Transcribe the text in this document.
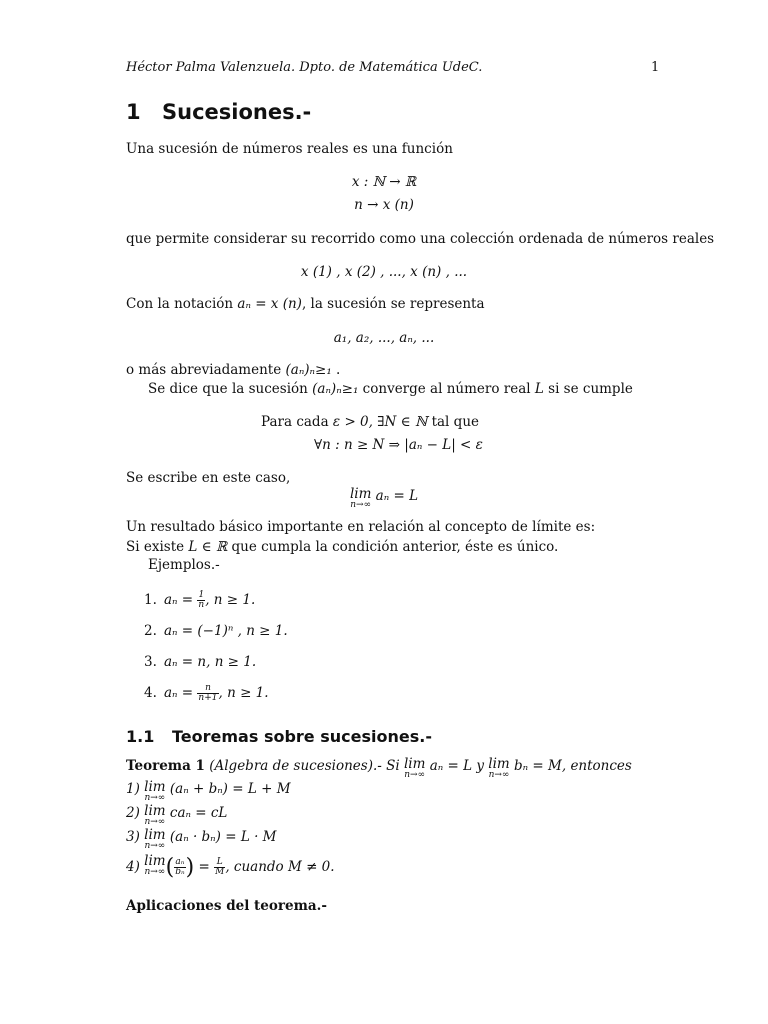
Héctor Palma Valenzuela. Dpto. de Matemática UdeC.	1
1 Sucesiones.-
Una sucesión de números reales es una función
x : ℕ → ℝ
n → x (n)
que permite considerar su recorrido como una colección ordenada de números reales
x (1) , x (2) , ..., x (n) , ...
Con la notación aₙ = x (n), la sucesión se representa
a₁, a₂, ..., aₙ, ...
o más abreviadamente (aₙ)ₙ≥₁ .
Se dice que la sucesión (aₙ)ₙ≥₁ converge al número real L si se cumple
Para cada ε > 0, ∃N ∈ ℕ tal que
∀n : n ≥ N ⇒ |aₙ − L| < ε
Se escribe en este caso,
lim
n→∞
aₙ = L
Un resultado básico importante en relación al concepto de límite es:
Si existe L ∈ ℝ que cumpla la condición anterior, éste es único.
Ejemplos.-
1. $a_n = \frac{1}{n}$ , n ≥ 1.
2. aₙ = (−1)ⁿ , n ≥ 1.
3. aₙ = n, n ≥ 1.
4. $a_n = \frac{n}{n+1}$ , n ≥ 1.
1.1 Teoremas sobre sucesiones.-
Teorema 1 (Algebra de sucesiones).- Si lim
n→∞
aₙ = L y lim
n→∞
bₙ = M, entonces
1) lim
n→∞
(aₙ + bₙ) = L + M
2) lim
n→∞
caₙ = cL
3) lim
n→∞
(aₙ · bₙ) = L · M
4) lim
n→∞ ( $\frac{\text{aₙ}}{\text{bₙ}}$ ) = $\frac{L}{M}$ , cuando M ≠ 0.
Aplicaciones del teorema.-
